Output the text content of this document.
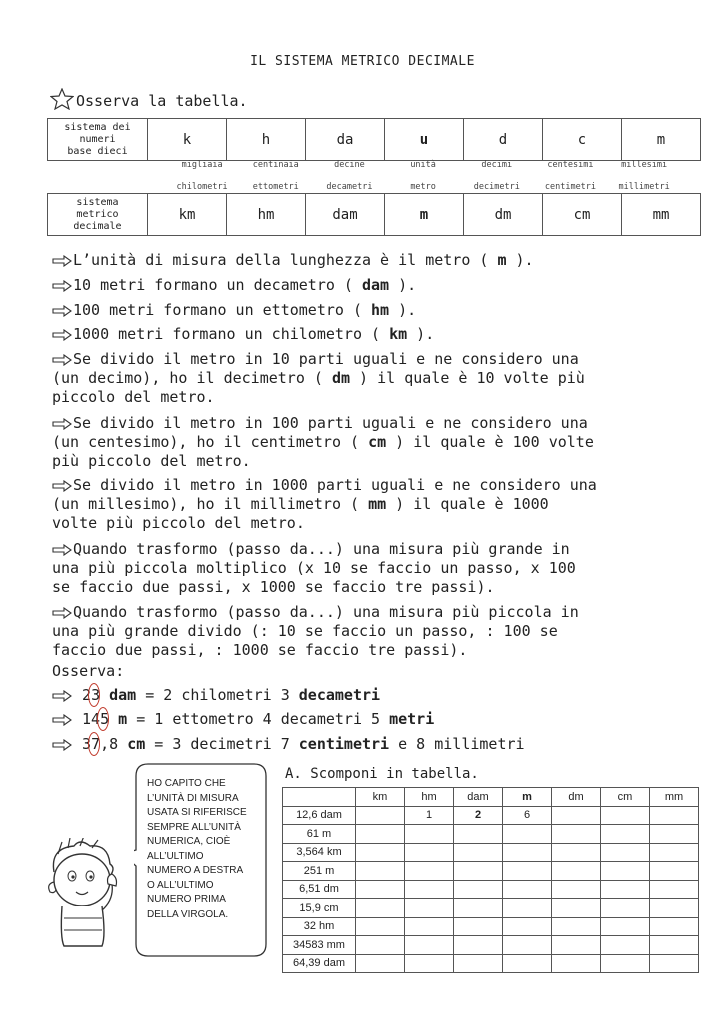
IL SISTEMA METRICO DECIMALE
Osserva la tabella.
sistema dei
numeri
base dieci	k	h	da	u	d	c	m
migliaia	centinaia	decine	unità	decimi	centesimi	millesimi
chilometri	ettometri	decametri	metro	decimetri	centimetri	millimetri
sistema
metrico
decimale	km	hm	dam	m	dm	cm	mm
L’unità di misura della lunghezza è il metro ( m ).
10 metri formano un decametro ( dam ).
100 metri formano un ettometro ( hm ).
1000 metri formano un chilometro ( km ).
Se divido il metro in 10 parti uguali e ne considero una
(un decimo), ho il decimetro ( dm ) il quale è 10 volte più
piccolo del metro.
Se divido il metro in 100 parti uguali e ne considero una
(un centesimo), ho il centimetro ( cm ) il quale è 100 volte
più piccolo del metro.
Se divido il metro in 1000 parti uguali e ne considero una
(un millesimo), ho il millimetro ( mm ) il quale è 1000
volte più piccolo del metro.
Quando trasformo (passo da...) una misura più grande in
una più piccola moltiplico (x 10 se faccio un passo, x 100
se faccio due passi, x 1000 se faccio tre passi).
Quando trasformo (passo da...) una misura più piccola in
una più grande divido (: 10 se faccio un passo, : 100 se
faccio due passi, : 1000 se faccio tre passi).
Osserva:
23 dam = 2 chilometri 3 decametri
145 m = 1 ettometro 4 decametri 5 metri
37,8 cm = 3 decimetri 7 centimetri e 8 millimetri
HO CAPITO CHE
L’UNITÀ DI MISURA
USATA SI RIFERISCE
SEMPRE ALL’UNITÀ
NUMERICA, CIOÈ
ALL’ULTIMO
NUMERO A DESTRA
O ALL’ULTIMO
NUMERO PRIMA
DELLA VIRGOLA.
A. Scomponi in tabella.
	km	hm	dam	m	dm	cm	mm
12,6 dam		1	2	6			
61 m							
3,564 km							
251 m							
6,51 dm							
15,9 cm							
32 hm							
34583 mm							
64,39 dam							
